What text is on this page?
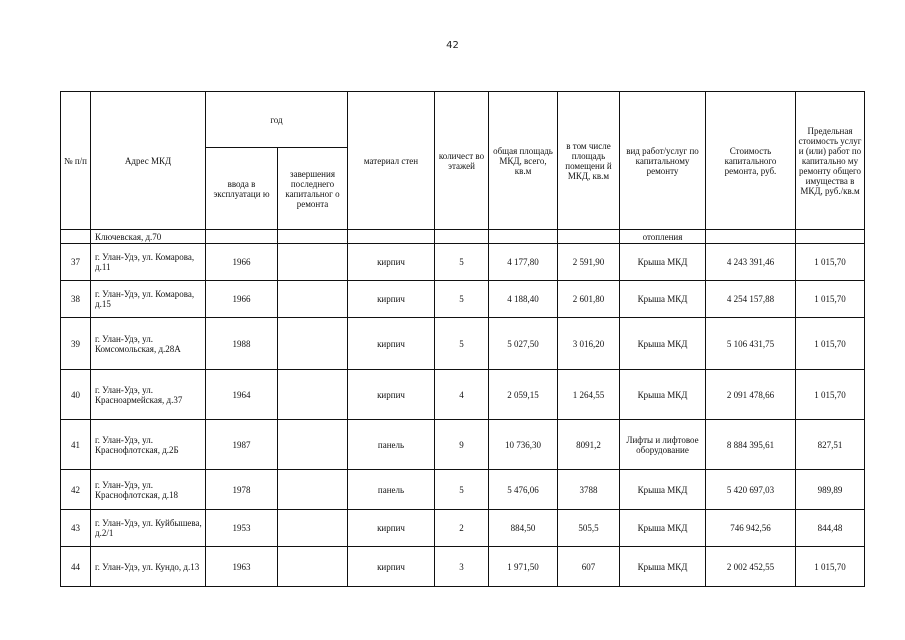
42
№ п/п	Адрес МКД	год		материал стен	количест во этажей	общая площадь МКД, всего, кв.м	в том числе площадь помещени й МКД, кв.м	вид работ/услуг по капитальному ремонту	Стоимость капитального ремонта, руб.	Предельная стоимость услуг и (или) работ по капитально му ремонту общего имущества в МКД, руб./кв.м
		ввода в эксплуатаци ю	завершения последнего капитальног о ремонта							
	Ключевская, д.70							отопления		
37	г. Улан-Удэ, ул. Комарова, д.11	1966		кирпич	5	4 177,80	2 591,90	Крыша МКД	4 243 391,46	1 015,70
38	г. Улан-Удэ, ул. Комарова, д.15	1966		кирпич	5	4 188,40	2 601,80	Крыша МКД	4 254 157,88	1 015,70
39	г. Улан-Удэ, ул. Комсомольская, д.28А	1988		кирпич	5	5 027,50	3 016,20	Крыша МКД	5 106 431,75	1 015,70
40	г. Улан-Удэ, ул. Красноармейская, д.37	1964		кирпич	4	2 059,15	1 264,55	Крыша МКД	2 091 478,66	1 015,70
41	г. Улан-Удэ, ул. Краснофлотская, д.2Б	1987		панель	9	10 736,30	8091,2	Лифты и лифтовое оборудование	8 884 395,61	827,51
42	г. Улан-Удэ, ул. Краснофлотская, д.18	1978		панель	5	5 476,06	3788	Крыша МКД	5 420 697,03	989,89
43	г. Улан-Удэ, ул. Куйбышева, д.2/1	1953		кирпич	2	884,50	505,5	Крыша МКД	746 942,56	844,48
44	г. Улан-Удэ, ул. Кундо, д.13	1963		кирпич	3	1 971,50	607	Крыша МКД	2 002 452,55	1 015,70
